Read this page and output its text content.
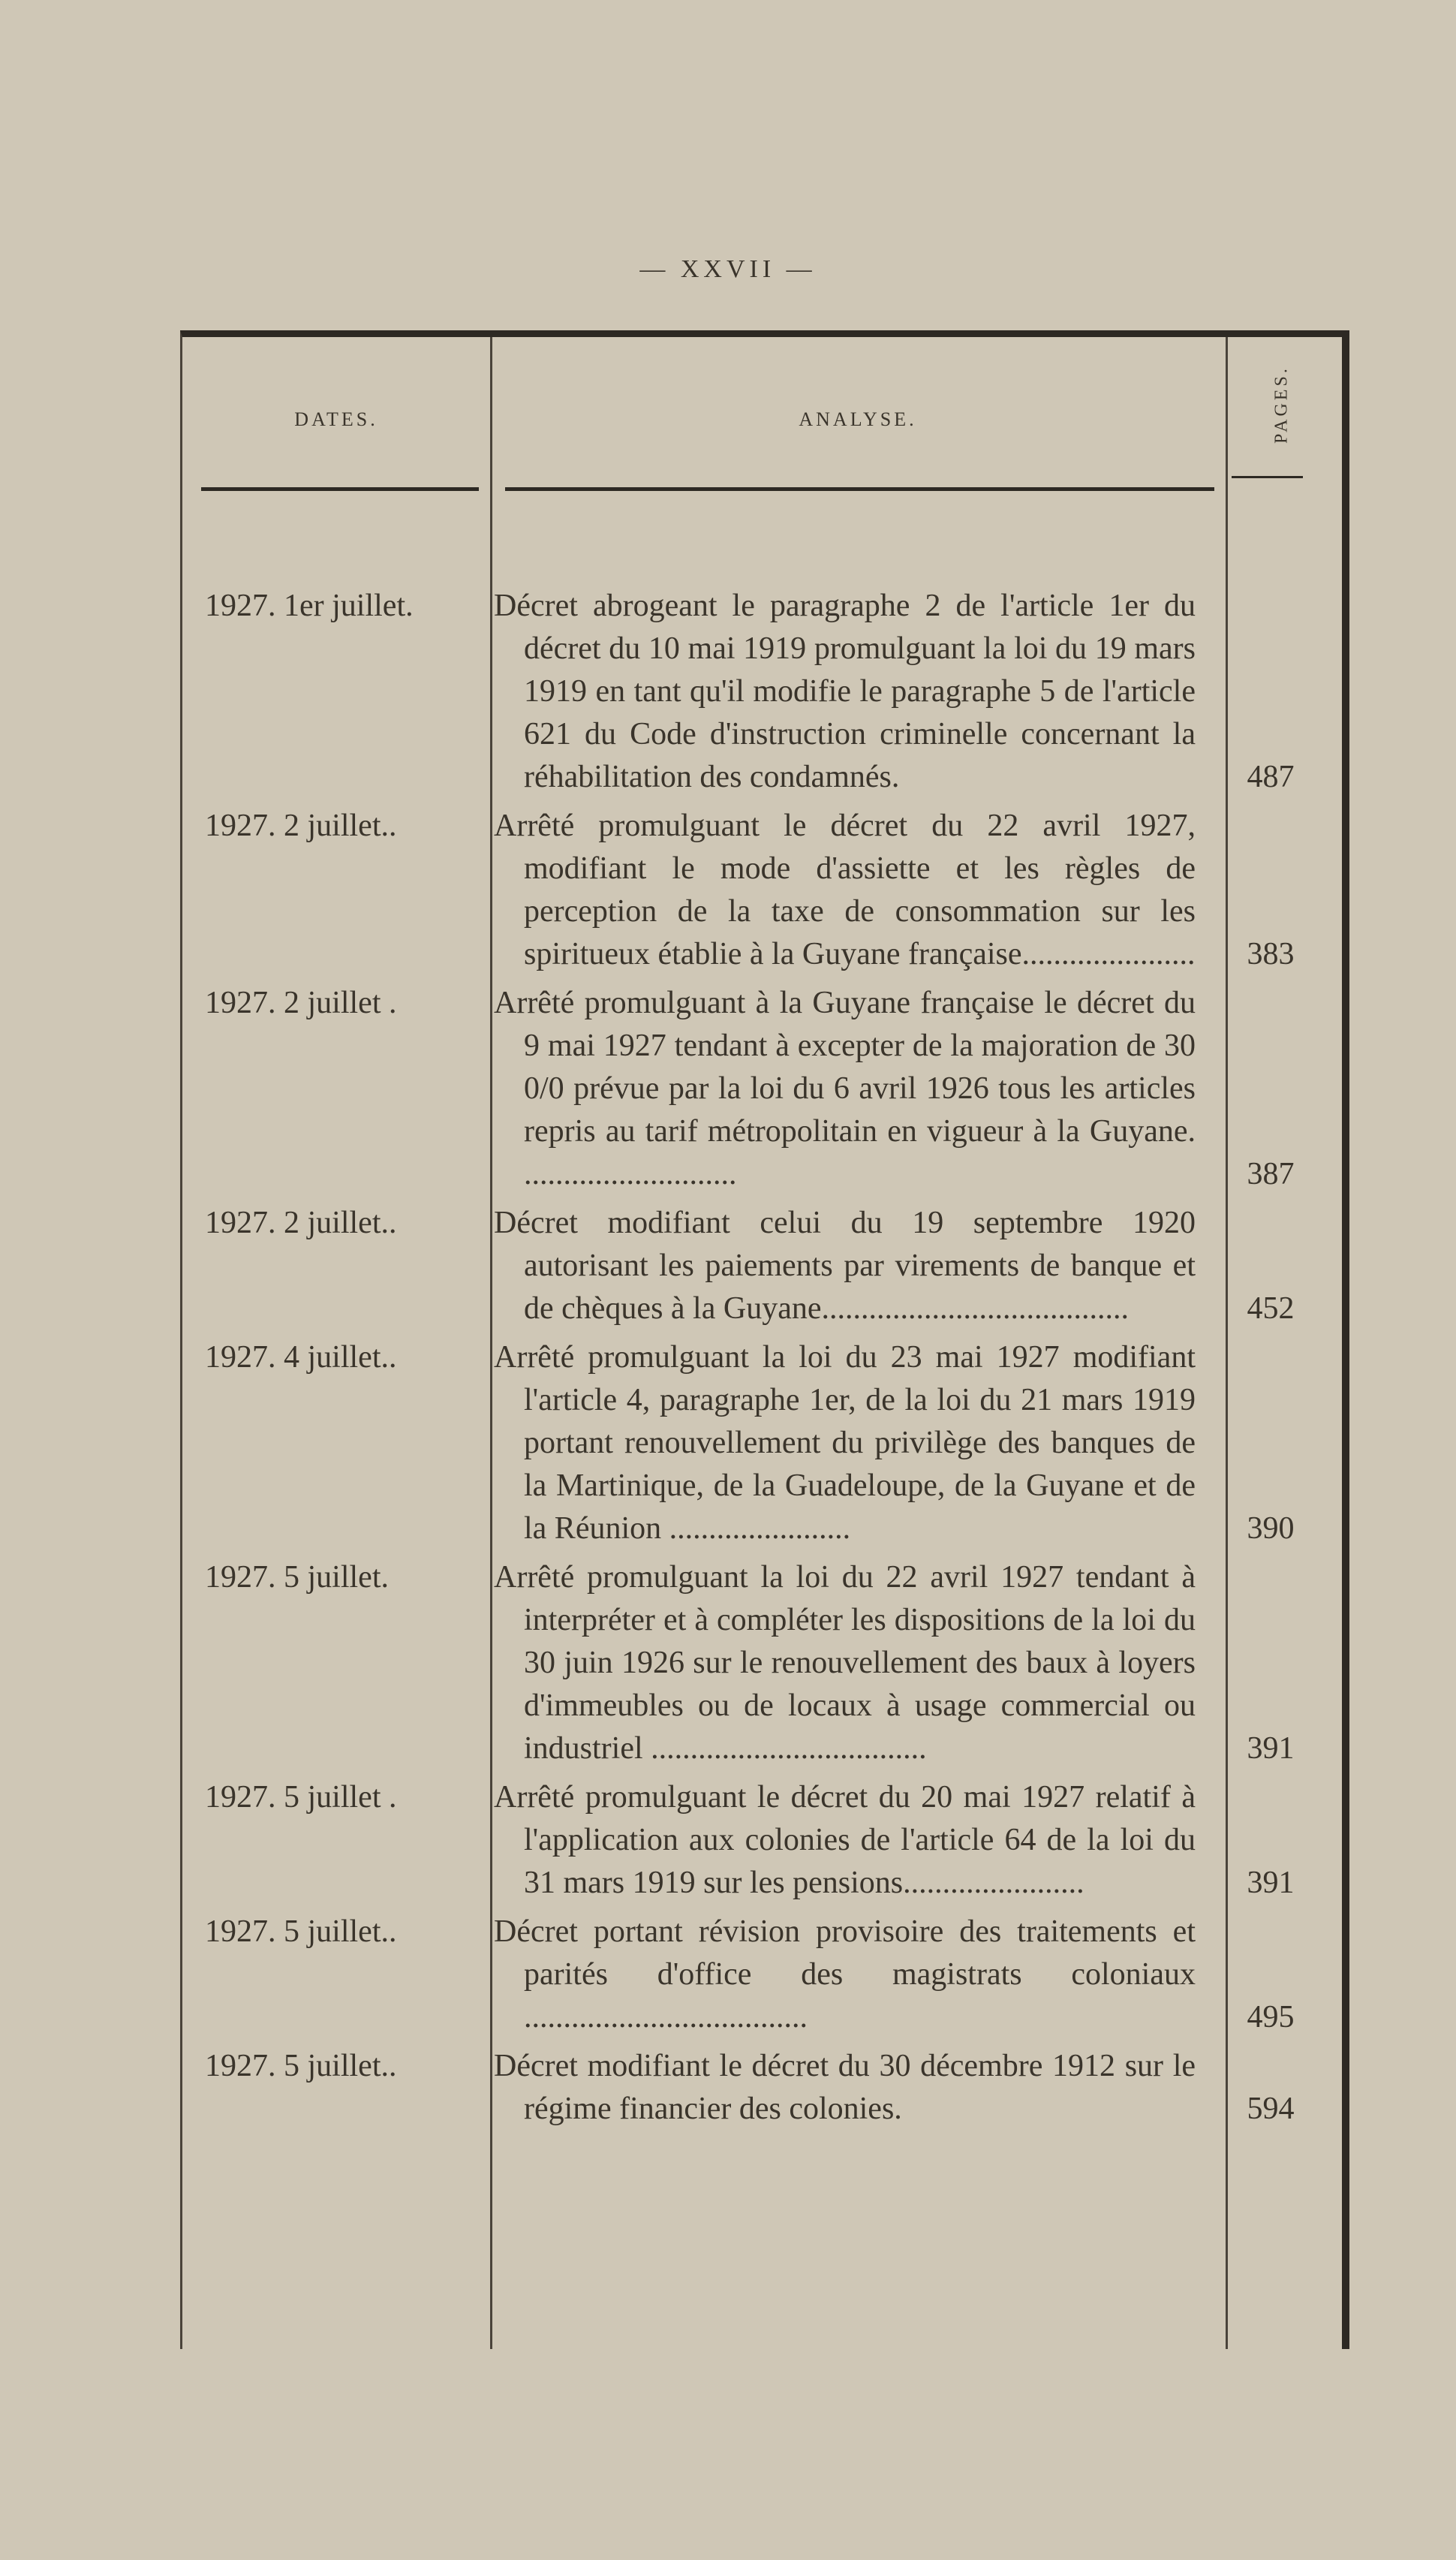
— XXVII —
DATES.	ANALYSE.	PAGES.
1927. 1er juillet.	Décret abrogeant le paragraphe 2 de l'article 1er du décret du 10 mai 1919 promulguant la loi du 19 mars 1919 en tant qu'il modifie le paragraphe 5 de l'article 621 du Code d'instruction criminelle concernant la réhabilitation des condamnés.	487
1927. 2 juillet..	Arrêté promulguant le décret du 22 avril 1927, modifiant le mode d'assiette et les règles de perception de la taxe de consommation sur les spiritueux établie à la Guyane française......................	383
1927. 2 juillet .	Arrêté promulguant à la Guyane française le décret du 9 mai 1927 tendant à excepter de la majoration de 30 0/0 prévue par la loi du 6 avril 1926 tous les articles repris au tarif métropolitain en vigueur à la Guyane. ...........................	387
1927. 2 juillet..	Décret modifiant celui du 19 septembre 1920 autorisant les paiements par virements de banque et de chèques à la Guyane.......................................	452
1927. 4 juillet..	Arrêté promulguant la loi du 23 mai 1927 modifiant l'article 4, paragraphe 1er, de la loi du 21 mars 1919 portant renouvellement du privilège des banques de la Martinique, de la Guadeloupe, de la Guyane et de la Réunion .......................	390
1927. 5 juillet.	Arrêté promulguant la loi du 22 avril 1927 tendant à interpréter et à compléter les dispositions de la loi du 30 juin 1926 sur le renouvellement des baux à loyers d'immeubles ou de locaux à usage commercial ou industriel ...................................	391
1927. 5 juillet .	Arrêté promulguant le décret du 20 mai 1927 relatif à l'application aux colonies de l'article 64 de la loi du 31 mars 1919 sur les pensions.......................	391
1927. 5 juillet..	Décret portant révision provisoire des traitements et parités d'office des magistrats coloniaux ....................................	495
1927. 5 juillet..	Décret modifiant le décret du 30 décembre 1912 sur le régime financier des colonies.	594
